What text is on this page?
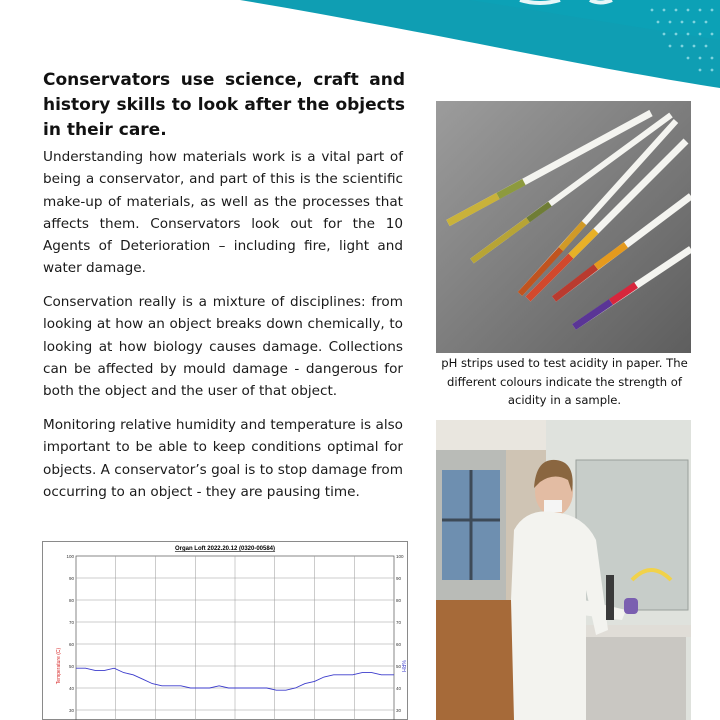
Conservators use science, craft and history skills to look after the objects in their care.

Understanding how materials work is a vital part of being a conservator, and part of this is the scientific make-up of materials, as well as the processes that affects them. Conservators look out for the 10 Agents of Deterioration – including fire, light and water damage.

Conservation really is a mixture of disciplines: from looking at how an object breaks down chemically, to looking at how biology causes damage. Collections can be affected by mould damage - dangerous for both the object and the user of that object.

Monitoring relative humidity and temperature is also important to be able to keep conditions optimal for objects. A conservator’s goal is to stop damage from occurring to an object - they are pausing time.

pH strips used to test acidity in paper. The different colours indicate the strength of acidity in a sample.

Organ Loft 2022.20.12 (0320-00584)
100
90
80
70
60
50
40
30
100
90
80
70
60
50
40
30
Temperature (C)	%RH
